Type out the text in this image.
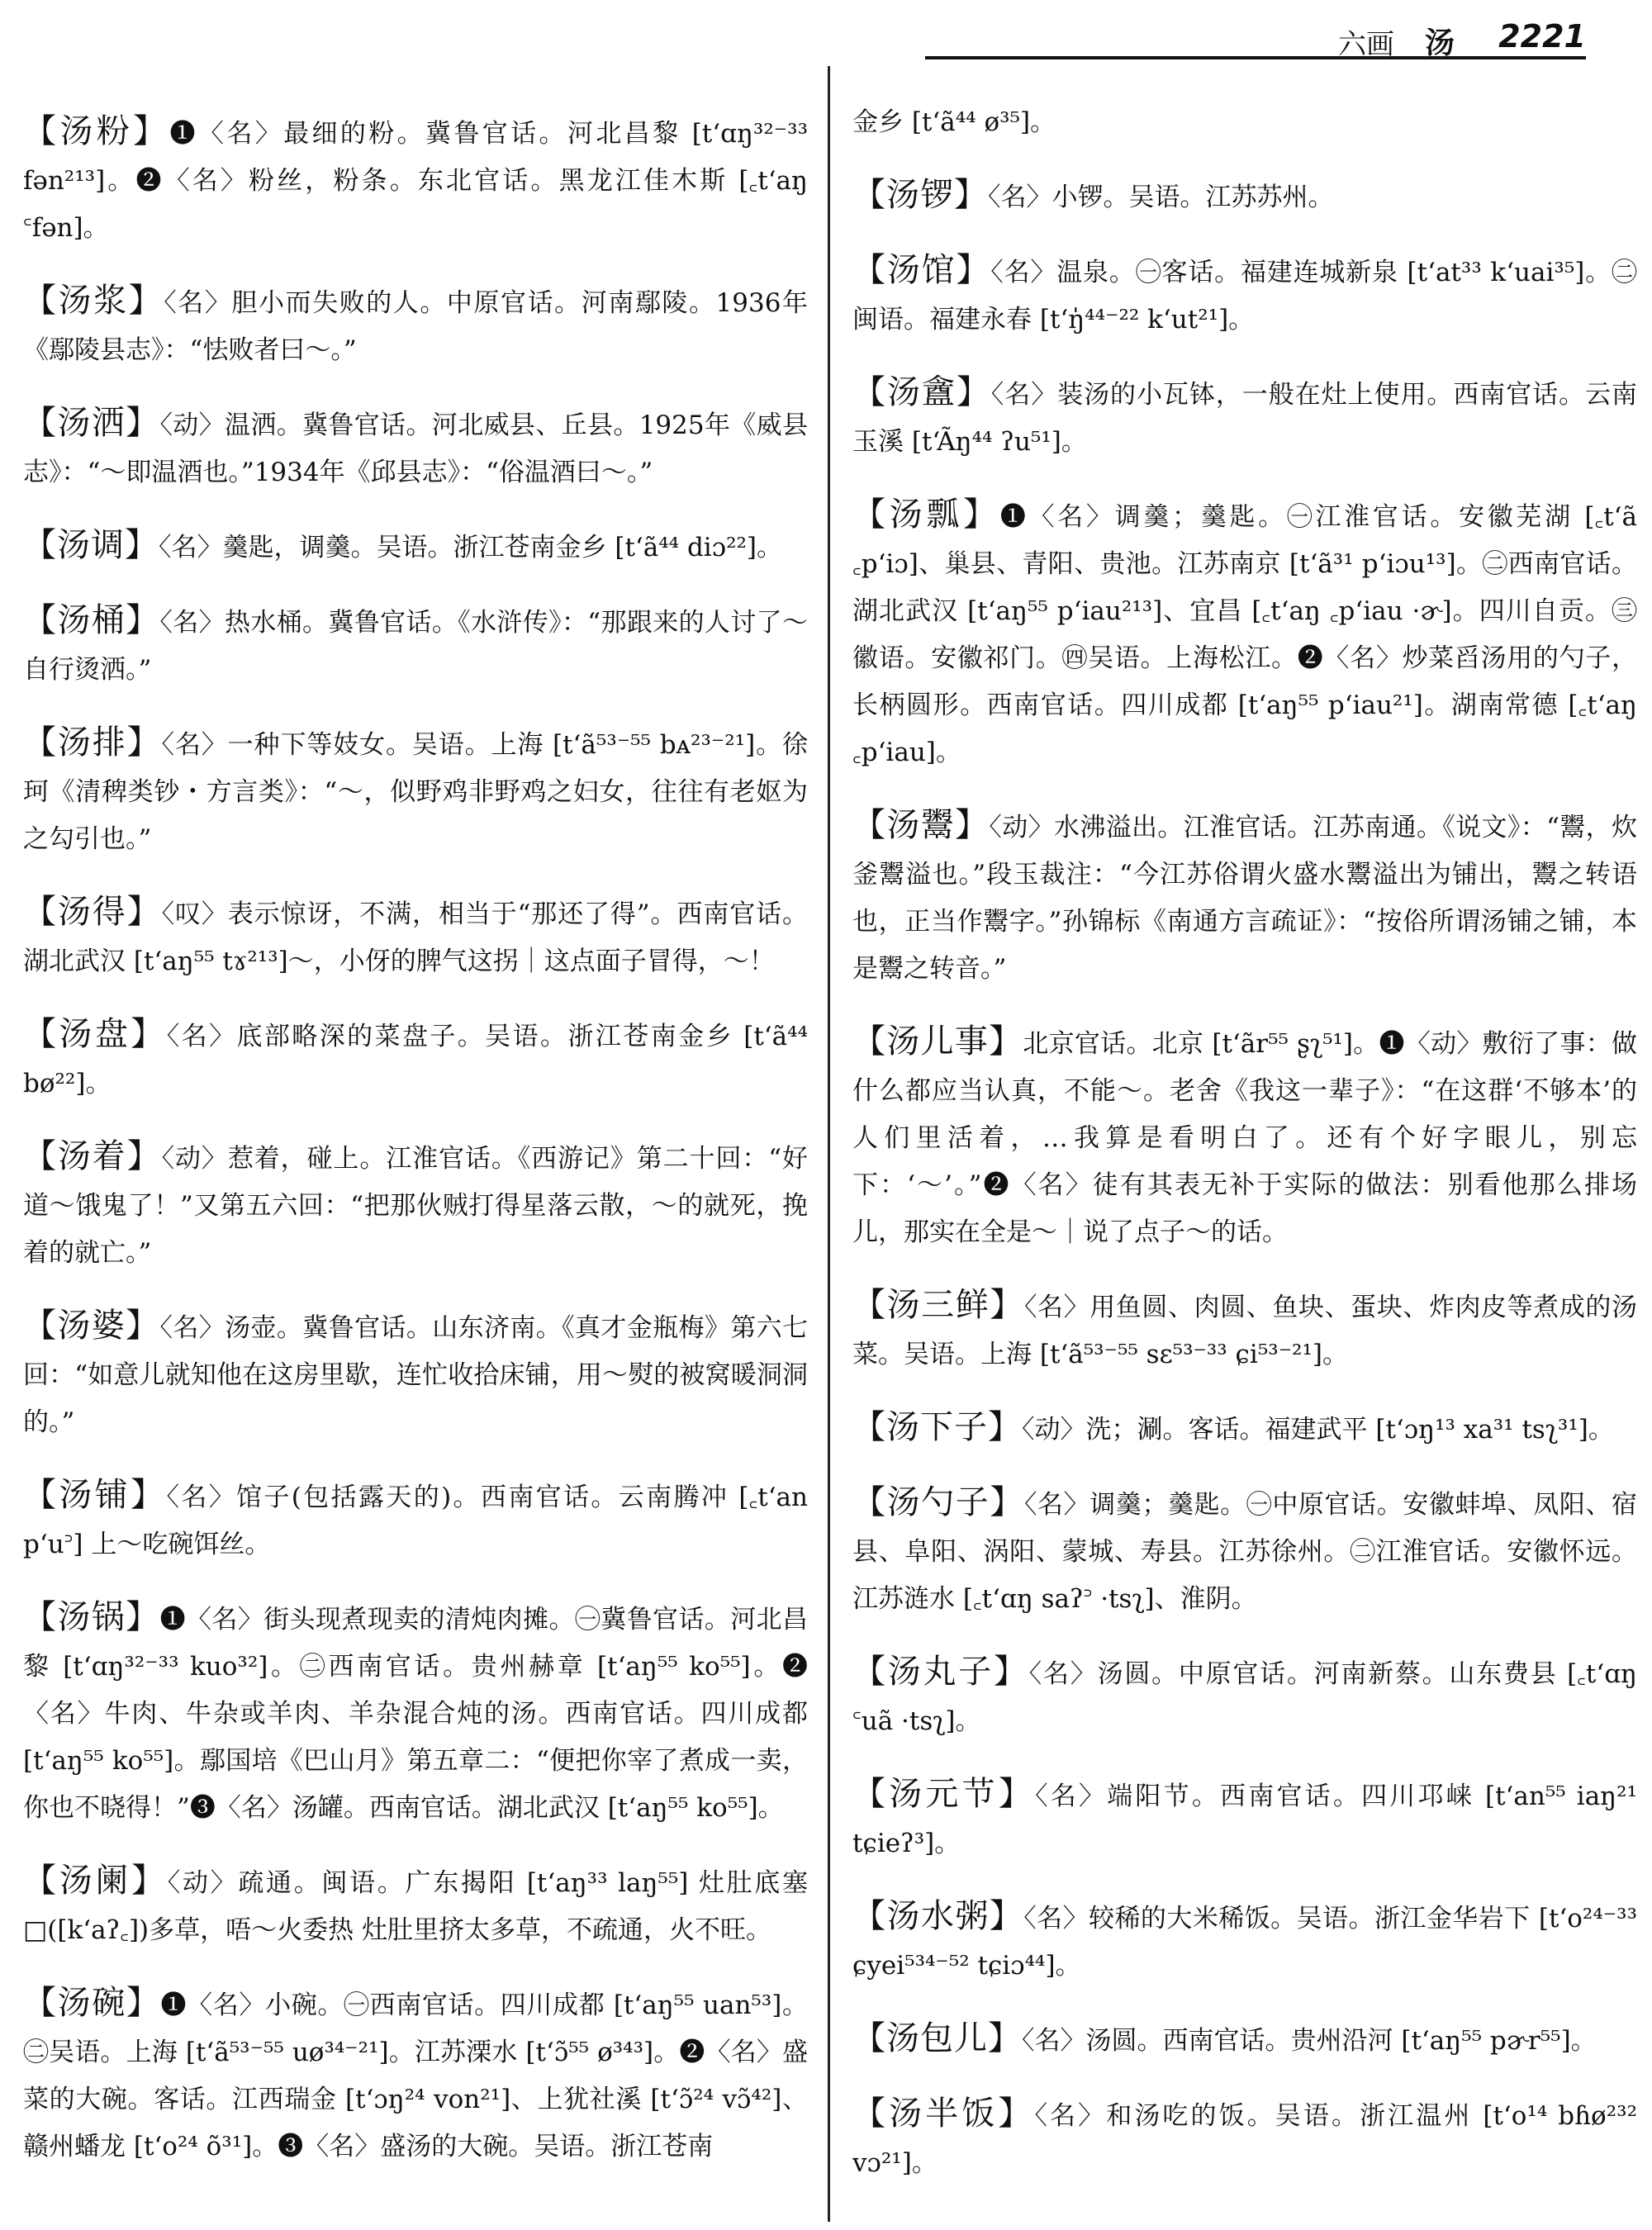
六画 汤 2221

【汤粉】❶〈名〉最细的粉。冀鲁官话。河北昌黎 [tʻɑŋ³²⁻³³ fən²¹³]。❷〈名〉粉丝，粉条。东北官话。黑龙江佳木斯 [꜀tʻaŋ ꜂fən]。

【汤浆】〈名〉胆小而失败的人。中原官话。河南鄢陵。1936年《鄢陵县志》：“怯败者曰～。”

【汤洒】〈动〉温洒。冀鲁官话。河北威县、丘县。1925年《威县志》：“～即温酒也。”1934年《邱县志》：“俗温酒曰～。”

【汤调】〈名〉羹匙，调羹。吴语。浙江苍南金乡 [tʻã⁴⁴ diɔ²²]。

【汤桶】〈名〉热水桶。冀鲁官话。《水浒传》：“那跟来的人讨了～自行烫洒。”

【汤排】〈名〉一种下等妓女。吴语。上海 [tʻã⁵³⁻⁵⁵ bᴀ²³⁻²¹]。徐珂《清稗类钞・方言类》：“～，似野鸡非野鸡之妇女，往往有老妪为之勾引也。”

【汤得】〈叹〉表示惊讶，不满，相当于“那还了得”。西南官话。湖北武汉 [tʻaŋ⁵⁵ tɤ²¹³]～，小伢的脾气这拐｜这点面子冒得，～！

【汤盘】〈名〉底部略深的菜盘子。吴语。浙江苍南金乡 [tʻã⁴⁴ bø²²]。

【汤着】〈动〉惹着，碰上。江淮官话。《西游记》第二十回：“好道～饿鬼了！”又第五六回：“把那伙贼打得星落云散，～的就死，挽着的就亡。”

【汤婆】〈名〉汤壶。冀鲁官话。山东济南。《真才金瓶梅》第六七回：“如意儿就知他在这房里歇，连忙收拾床铺，用～熨的被窝暖洞洞的。”

【汤铺】〈名〉馆子(包括露天的)。西南官话。云南腾冲 [꜀tʻan pʻu꜄] 上～吃碗饵丝。

【汤锅】❶〈名〉街头现煮现卖的清炖肉摊。㊀冀鲁官话。河北昌黎 [tʻɑŋ³²⁻³³ kuo³²]。㊁西南官话。贵州赫章 [tʻaŋ⁵⁵ ko⁵⁵]。❷〈名〉牛肉、牛杂或羊肉、羊杂混合炖的汤。西南官话。四川成都 [tʻaŋ⁵⁵ ko⁵⁵]。鄢国培《巴山月》第五章二：“便把你宰了煮成一卖，你也不晓得！”❸〈名〉汤罐。西南官话。湖北武汉 [tʻaŋ⁵⁵ ko⁵⁵]。

【汤阑】〈动〉疏通。闽语。广东揭阳 [tʻaŋ³³ laŋ⁵⁵] 灶肚底塞□([kʻaʔ꜀])多草，唔～火委热 灶肚里挤太多草，不疏通，火不旺。

【汤碗】❶〈名〉小碗。㊀西南官话。四川成都 [tʻaŋ⁵⁵ uan⁵³]。㊁吴语。上海 [tʻã⁵³⁻⁵⁵ uø³⁴⁻²¹]。江苏溧水 [tʻɔ̃⁵⁵ ø³⁴³]。❷〈名〉盛菜的大碗。客话。江西瑞金 [tʻɔŋ²⁴ von²¹]、上犹社溪 [tʻɔ̃²⁴ vɔ̃⁴²]、赣州蟠龙 [tʻo²⁴ õ³¹]。❸〈名〉盛汤的大碗。吴语。浙江苍南

金乡 [tʻã⁴⁴ ø³⁵]。

【汤锣】〈名〉小锣。吴语。江苏苏州。

【汤馆】〈名〉温泉。㊀客话。福建连城新泉 [tʻat³³ kʻuai³⁵]。㊁闽语。福建永春 [tʻŋ̍⁴⁴⁻²² kʻut²¹]。

【汤盦】〈名〉装汤的小瓦钵，一般在灶上使用。西南官话。云南玉溪 [tʻÃŋ⁴⁴ ʔu⁵¹]。

【汤瓢】❶〈名〉调羹；羹匙。㊀江淮官话。安徽芜湖 [꜀tʻã ꜀pʻiɔ]、巢县、青阳、贵池。江苏南京 [tʻã³¹ pʻiɔu¹³]。㊁西南官话。湖北武汉 [tʻaŋ⁵⁵ pʻiau²¹³]、宜昌 [꜀tʻaŋ ꜀pʻiau ·ɚ]。四川自贡。㊂徽语。安徽祁门。㊃吴语。上海松江。❷〈名〉炒菜舀汤用的勺子，长柄圆形。西南官话。四川成都 [tʻaŋ⁵⁵ pʻiau²¹]。湖南常德 [꜀tʻaŋ ꜀pʻiau]。

【汤鬻】〈动〉水沸溢出。江淮官话。江苏南通。《说文》：“鬻，炊釜鬻溢也。”段玉裁注：“今江苏俗谓火盛水鬻溢出为铺出，鬻之转语也，正当作鬻字。”孙锦标《南通方言疏证》：“按俗所谓汤铺之铺，本是鬻之转音。”

【汤儿事】北京官话。北京 [tʻãr⁵⁵ ʂʅ⁵¹]。❶〈动〉敷衍了事：做什么都应当认真，不能～。老舍《我这一辈子》：“在这群‘不够本’的人们里活着，…我算是看明白了。还有个好字眼儿，别忘下：‘～’。”❷〈名〉徒有其表无补于实际的做法：别看他那么排场儿，那实在全是～｜说了点子～的话。

【汤三鲜】〈名〉用鱼圆、肉圆、鱼块、蛋块、炸肉皮等煮成的汤菜。吴语。上海 [tʻã⁵³⁻⁵⁵ sɛ⁵³⁻³³ ɕi⁵³⁻²¹]。

【汤下子】〈动〉洗；涮。客话。福建武平 [tʻɔŋ¹³ xa³¹ tsʅ³¹]。

【汤勺子】〈名〉调羹；羹匙。㊀中原官话。安徽蚌埠、凤阳、宿县、阜阳、涡阳、蒙城、寿县。江苏徐州。㊁江淮官话。安徽怀远。江苏涟水 [꜀tʻɑŋ saʔ꜄ ·tsʅ]、淮阴。

【汤丸子】〈名〉汤圆。中原官话。河南新蔡。山东费县 [꜀tʻɑŋ ꜂uã ·tsʅ]。

【汤元节】〈名〉端阳节。西南官话。四川邛崃 [tʻan⁵⁵ iaŋ²¹ tɕieʔ³]。

【汤水粥】〈名〉较稀的大米稀饭。吴语。浙江金华岩下 [tʻo²⁴⁻³³ ɕyei⁵³⁴⁻⁵² tɕiɔ⁴⁴]。

【汤包儿】〈名〉汤圆。西南官话。贵州沿河 [tʻaŋ⁵⁵ pɚr⁵⁵]。

【汤半饭】〈名〉和汤吃的饭。吴语。浙江温州 [tʻo¹⁴ bɦø²³² vɔ²¹]。
